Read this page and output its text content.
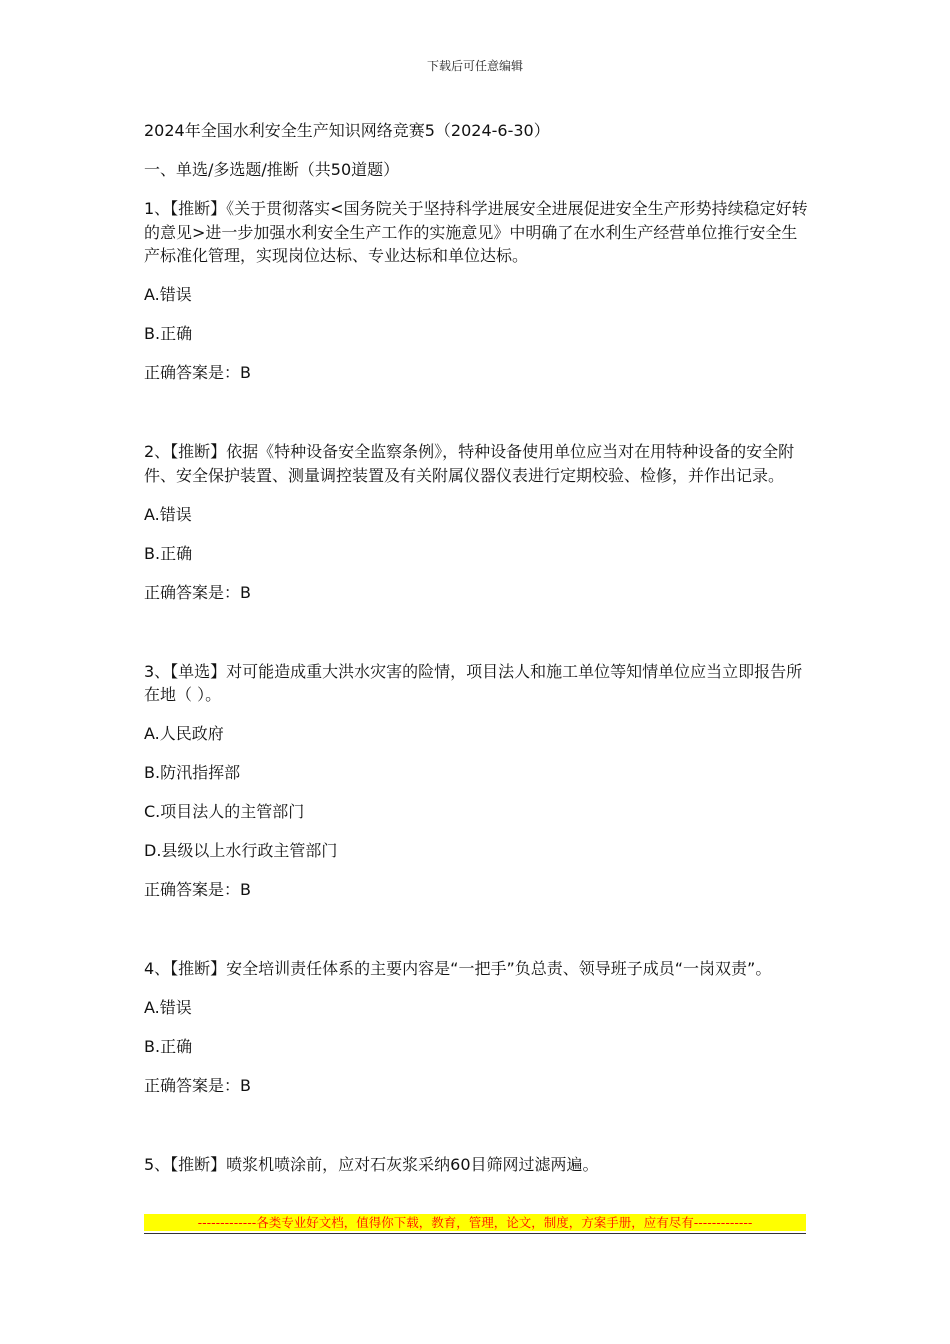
下载后可任意编辑
2024年全国水利安全生产知识网络竞赛5（2024-6-30）
一、单选/多选题/推断（共50道题）
1、【推断】《关于贯彻落实<国务院关于坚持科学进展安全进展促进安全生产形势持续稳定好转的意见>进一步加强水利安全生产工作的实施意见》中明确了在水利生产经营单位推行安全生产标准化管理，实现岗位达标、专业达标和单位达标。
A.错误
B.正确
正确答案是：B
2、【推断】依据《特种设备安全监察条例》，特种设备使用单位应当对在用特种设备的安全附件、安全保护装置、测量调控装置及有关附属仪器仪表进行定期校验、检修，并作出记录。
A.错误
B.正确
正确答案是：B
3、【单选】对可能造成重大洪水灾害的险情，项目法人和施工单位等知情单位应当立即报告所在地（ ）。
A.人民政府
B.防汛指挥部
C.项目法人的主管部门
D.县级以上水行政主管部门
正确答案是：B
4、【推断】安全培训责任体系的主要内容是“一把手”负总责、领导班子成员“一岗双责”。
A.错误
B.正确
正确答案是：B
5、【推断】喷浆机喷涂前，应对石灰浆采纳60目筛网过滤两遍。
-------------各类专业好文档，值得你下载，教育，管理，论文，制度，方案手册，应有尽有-------------
